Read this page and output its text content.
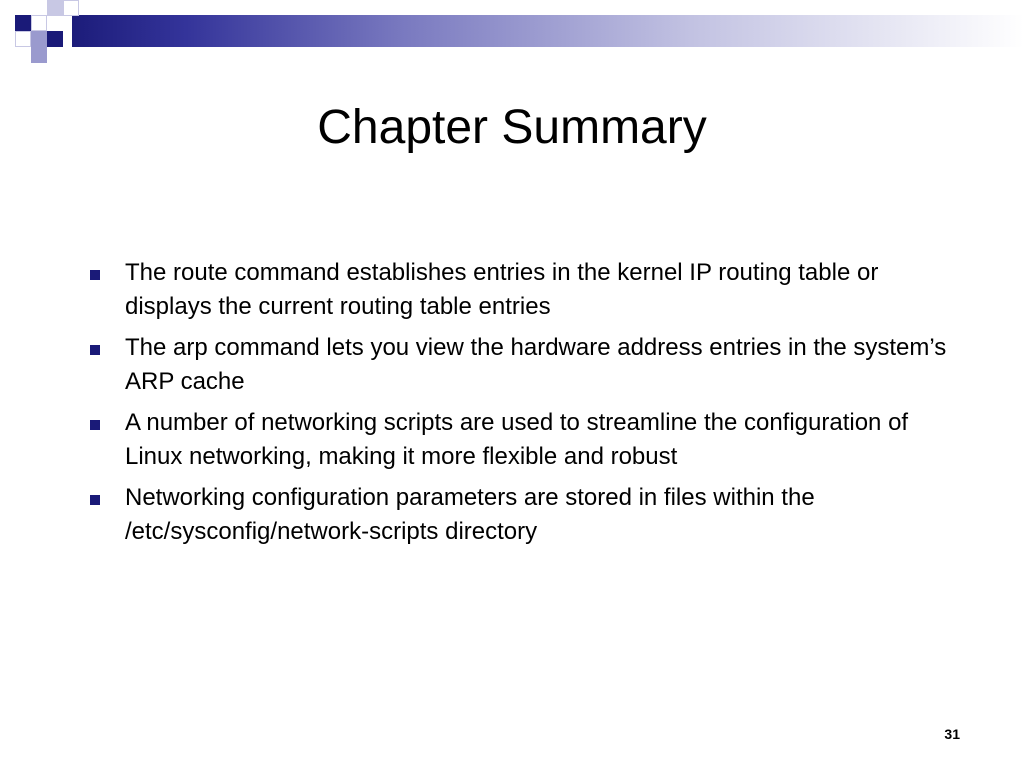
Chapter Summary
The route command establishes entries in the kernel IP routing table or displays the current routing table entries
The arp command lets you view the hardware address entries in the system’s ARP cache
A number of networking scripts are used to streamline the configuration of Linux networking, making it more flexible and robust
Networking configuration parameters are stored in files within the /etc/sysconfig/network-scripts directory
31
